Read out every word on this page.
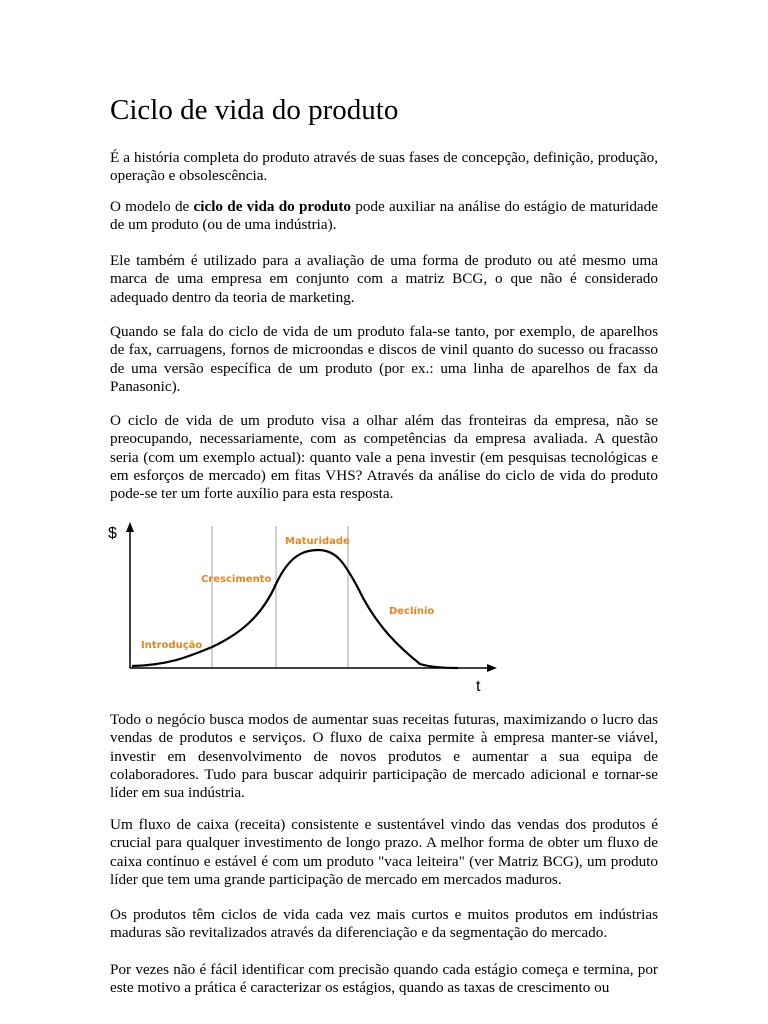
Ciclo de vida do produto

É a história completa do produto através de suas fases de concepção, definição, produção, operação e obsolescência.

O modelo de ciclo de vida do produto pode auxiliar na análise do estágio de maturidade de um produto (ou de uma indústria).

Ele também é utilizado para a avaliação de uma forma de produto ou até mesmo uma marca de uma empresa em conjunto com a matriz BCG, o que não é considerado adequado dentro da teoria de marketing.

Quando se fala do ciclo de vida de um produto fala-se tanto, por exemplo, de aparelhos de fax, carruagens, fornos de microondas e discos de vinil quanto do sucesso ou fracasso de uma versão específica de um produto (por ex.: uma linha de aparelhos de fax da Panasonic).

O ciclo de vida de um produto visa a olhar além das fronteiras da empresa, não se preocupando, necessariamente, com as competências da empresa avaliada. A questão seria (com um exemplo actual): quanto vale a pena investir (em pesquisas tecnológicas e em esforços de mercado) em fitas VHS? Através da análise do ciclo de vida do produto pode-se ter um forte auxílio para esta resposta.

$
t
Introdução
Crescimento
Maturidade
Declínio

Todo o negócio busca modos de aumentar suas receitas futuras, maximizando o lucro das vendas de produtos e serviços. O fluxo de caixa permite à empresa manter-se viável, investir em desenvolvimento de novos produtos e aumentar a sua equipa de colaboradores. Tudo para buscar adquirir participação de mercado adicional e tornar-se líder em sua indústria.

Um fluxo de caixa (receita) consistente e sustentável vindo das vendas dos produtos é crucial para qualquer investimento de longo prazo. A melhor forma de obter um fluxo de caixa contínuo e estável é com um produto "vaca leiteira" (ver Matriz BCG), um produto líder que tem uma grande participação de mercado em mercados maduros.

Os produtos têm ciclos de vida cada vez mais curtos e muitos produtos em indústrias maduras são revitalizados através da diferenciação e da segmentação do mercado.

Por vezes não é fácil identificar com precisão quando cada estágio começa e termina, por este motivo a prática é caracterizar os estágios, quando as taxas de crescimento ou
